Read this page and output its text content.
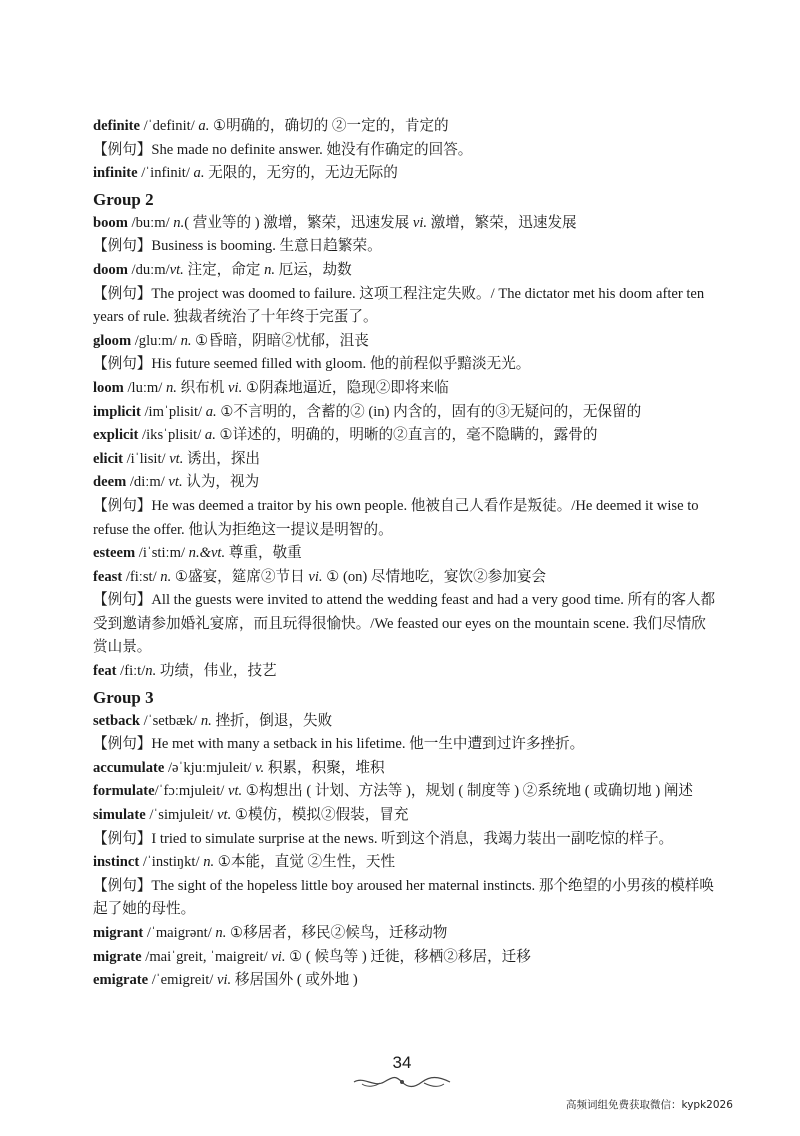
definite /ˈdefinit/ a. ①明确的，确切的 ②一定的，肯定的
【例句】She made no definite answer. 她没有作确定的回答。
infinite /ˈinfinit/ a. 无限的，无穷的，无边无际的
Group 2
boom /buːm/ n.( 营业等的 ) 激增，繁荣，迅速发展 vi. 激增，繁荣，迅速发展
【例句】Business is booming. 生意日趋繁荣。
doom /duːm/vt. 注定，命定 n. 厄运，劫数
【例句】The project was doomed to failure. 这项工程注定失败。/ The dictator met his doom after ten years of rule. 独裁者统治了十年终于完蛋了。
gloom /gluːm/ n. ①昏暗，阴暗②忧郁，沮丧
【例句】His future seemed filled with gloom. 他的前程似乎黯淡无光。
loom /luːm/ n. 织布机 vi. ①阴森地逼近，隐现②即将来临
implicit /imˈplisit/ a. ①不言明的，含蓄的② (in) 内含的，固有的③无疑问的，无保留的
explicit /iksˈplisit/ a. ①详述的，明确的，明晰的②直言的，毫不隐瞒的，露骨的
elicit /iˈlisit/ vt. 诱出，探出
deem /diːm/ vt. 认为，视为
【例句】He was deemed a traitor by his own people. 他被自己人看作是叛徒。/He deemed it wise to refuse the offer. 他认为拒绝这一提议是明智的。
esteem /iˈstiːm/ n.&vt. 尊重，敬重
feast /fiːst/ n. ①盛宴，筵席②节日 vi. ① (on) 尽情地吃，宴饮②参加宴会
【例句】All the guests were invited to attend the wedding feast and had a very good time. 所有的客人都受到邀请参加婚礼宴席，而且玩得很愉快。/We feasted our eyes on the mountain scene. 我们尽情欣赏山景。
feat /fiːt/n. 功绩，伟业，技艺
Group 3
setback /ˈsetbæk/ n. 挫折，倒退，失败
【例句】He met with many a setback in his lifetime. 他一生中遭到过许多挫折。
accumulate /əˈkjuːmjuleit/ v. 积累，积聚，堆积
formulate/ˈfɔːmjuleit/ vt. ①构想出 ( 计划、方法等 )，规划 ( 制度等 ) ②系统地 ( 或确切地 ) 阐述
simulate /ˈsimjuleit/ vt. ①模仿，模拟②假装，冒充
【例句】I tried to simulate surprise at the news. 听到这个消息，我竭力装出一副吃惊的样子。
instinct /ˈinstiŋkt/ n. ①本能，直觉 ②生性，天性
【例句】The sight of the hopeless little boy aroused her maternal instincts. 那个绝望的小男孩的模样唤起了她的母性。
migrant /ˈmaigrənt/ n. ①移居者，移民②候鸟，迁移动物
migrate /maiˈgreit, ˈmaigreit/ vi. ① ( 候鸟等 ) 迁徙，移栖②移居，迁移
emigrate /ˈemigreit/ vi. 移居国外 ( 或外地 )
34
高频词组免费获取微信：kypk2026
